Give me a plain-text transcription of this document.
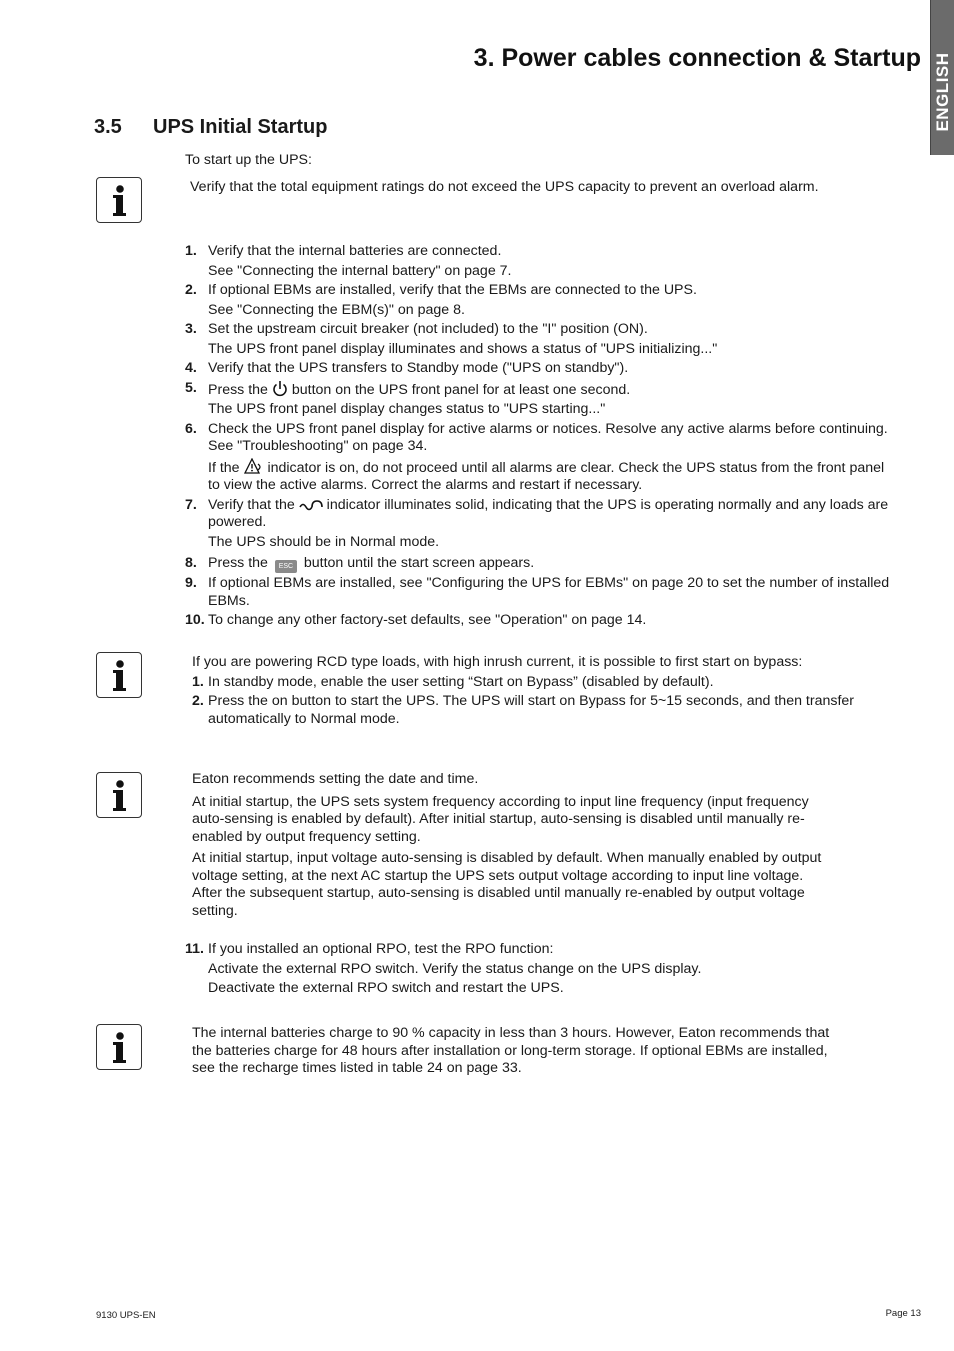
3. Power cables connection & Startup ENGLISH
3.5 UPS Initial Startup
To start up the UPS:
Verify that the total equipment ratings do not exceed the UPS capacity to prevent an overload alarm.
1. Verify that the internal batteries are connected.
See "Connecting the internal battery" on page 7.
2. If optional EBMs are installed, verify that the EBMs are connected to the UPS.
See "Connecting the EBM(s)" on page 8.
3. Set the upstream circuit breaker (not included) to the "I" position (ON).
The UPS front panel display illuminates and shows a status of "UPS initializing..."
4. Verify that the UPS transfers to Standby mode ("UPS on standby").
5. Press the button on the UPS front panel for at least one second.
The UPS front panel display changes status to "UPS starting..."
6. Check the UPS front panel display for active alarms or notices. Resolve any active alarms before continuing. See "Troubleshooting" on page 34.
If the indicator is on, do not proceed until all alarms are clear. Check the UPS status from the front panel to view the active alarms. Correct the alarms and restart if necessary.
7. Verify that the indicator illuminates solid, indicating that the UPS is operating normally and any loads are powered.
The UPS should be in Normal mode.
8. Press the ESC button until the start screen appears.
9. If optional EBMs are installed, see "Configuring the UPS for EBMs" on page 20 to set the number of installed EBMs.
10. To change any other factory-set defaults, see "Operation" on page 14.
If you are powering RCD type loads, with high inrush current, it is possible to first start on bypass:
1. In standby mode, enable the user setting “Start on Bypass” (disabled by default).
2. Press the on button to start the UPS. The UPS will start on Bypass for 5~15 seconds, and then transfer automatically to Normal mode.
Eaton recommends setting the date and time.
At initial startup, the UPS sets system frequency according to input line frequency (input frequency auto-sensing is enabled by default). After initial startup, auto-sensing is disabled until manually re-enabled by output frequency setting.
At initial startup, input voltage auto-sensing is disabled by default. When manually enabled by output voltage setting, at the next AC startup the UPS sets output voltage according to input line voltage. After the subsequent startup, auto-sensing is disabled until manually re-enabled by output voltage setting.
11. If you installed an optional RPO, test the RPO function:
Activate the external RPO switch. Verify the status change on the UPS display.
Deactivate the external RPO switch and restart the UPS.
The internal batteries charge to 90 % capacity in less than 3 hours. However, Eaton recommends that the batteries charge for 48 hours after installation or long-term storage. If optional EBMs are installed, see the recharge times listed in table 24 on page 33.
9130 UPS-EN	Page 13
